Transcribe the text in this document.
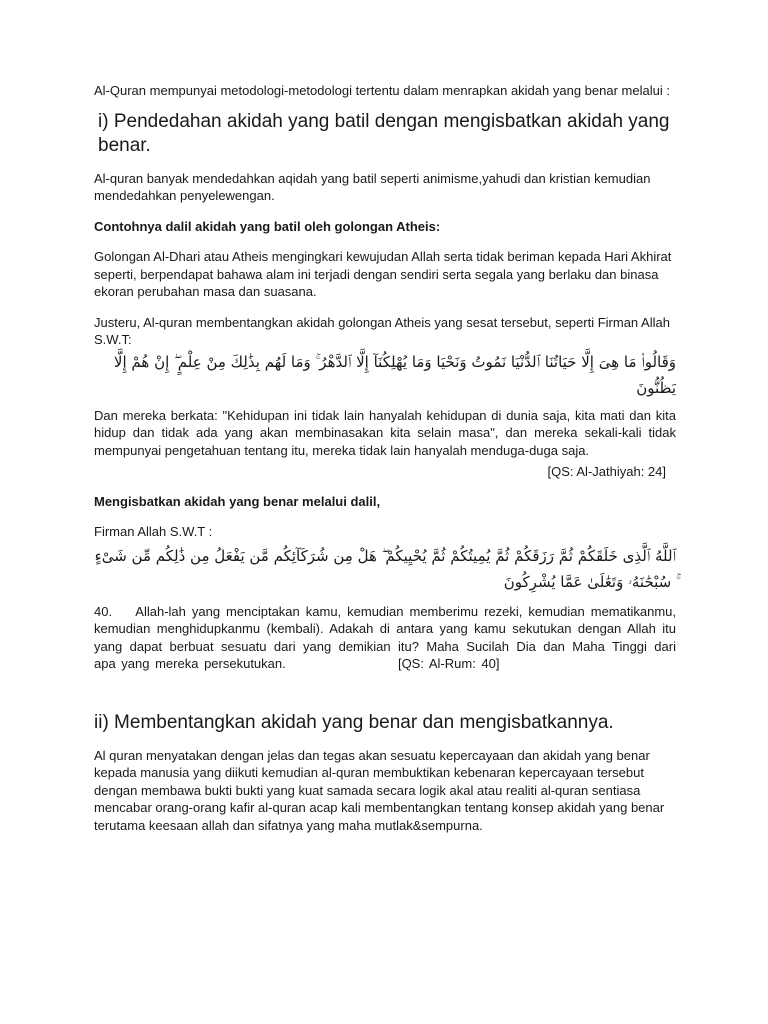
Al-Quran mempunyai metodologi-metodologi tertentu dalam menrapkan akidah yang benar melalui :

i) Pendedahan akidah yang batil dengan mengisbatkan akidah yang benar.

Al-quran banyak mendedahkan aqidah yang batil seperti animisme,yahudi dan kristian kemudian mendedahkan penyelewengan.

Contohnya dalil akidah yang batil oleh golongan Atheis:

Golongan Al-Dhari atau Atheis mengingkari kewujudan Allah serta tidak beriman kepada Hari Akhirat seperti, berpendapat bahawa alam ini terjadi dengan sendiri serta segala yang berlaku dan binasa ekoran perubahan masa dan suasana.

Justeru, Al-quran membentangkan akidah golongan Atheis yang sesat tersebut, seperti Firman Allah S.W.T:

وَقَالُوا۟ مَا هِىَ إِلَّا حَيَاتُنَا ٱلدُّنْيَا نَمُوتُ وَنَحْيَا وَمَا يُهْلِكُنَآ إِلَّا ٱلدَّهْرُ ۚ وَمَا لَهُم بِذَٰلِكَ مِنْ عِلْمٍ ۖ إِنْ هُمْ إِلَّا يَظُنُّونَ

Dan mereka berkata: "Kehidupan ini tidak lain hanyalah kehidupan di dunia saja, kita mati dan kita hidup dan tidak ada yang akan membinasakan kita selain masa", dan mereka sekali-kali tidak mempunyai pengetahuan tentang itu, mereka tidak lain hanyalah menduga-duga saja.

[QS: Al-Jathiyah: 24]

Mengisbatkan akidah yang benar melalui dalil,

Firman Allah S.W.T :

ٱللَّهُ ٱلَّذِى خَلَقَكُمْ ثُمَّ رَزَقَكُمْ ثُمَّ يُمِيتُكُمْ ثُمَّ يُحْيِيكُمْ ۖ هَلْ مِن شُرَكَآئِكُم مَّن يَفْعَلُ مِن ذَٰلِكُم مِّن شَىْءٍ ۚ سُبْحَٰنَهُۥ وَتَعَٰلَىٰ عَمَّا يُشْرِكُونَ

40.    Allah-lah yang menciptakan kamu, kemudian memberimu rezeki, kemudian mematikanmu, kemudian menghidupkanmu (kembali). Adakah di antara yang kamu sekutukan dengan Allah itu yang dapat berbuat sesuatu dari yang demikian itu? Maha Sucilah Dia dan Maha Tinggi dari apa yang mereka persekutukan.                    [QS: Al-Rum: 40]

ii) Membentangkan akidah yang benar dan mengisbatkannya.

Al quran menyatakan dengan jelas dan tegas akan sesuatu kepercayaan dan akidah yang benar kepada manusia yang diikuti kemudian al-quran membuktikan kebenaran kepercayaan tersebut dengan membawa bukti bukti yang kuat samada secara logik akal atau realiti al-quran sentiasa mencabar orang-orang kafir al-quran acap kali membentangkan tentang konsep akidah yang benar terutama keesaan allah dan sifatnya yang maha mutlak&sempurna.
